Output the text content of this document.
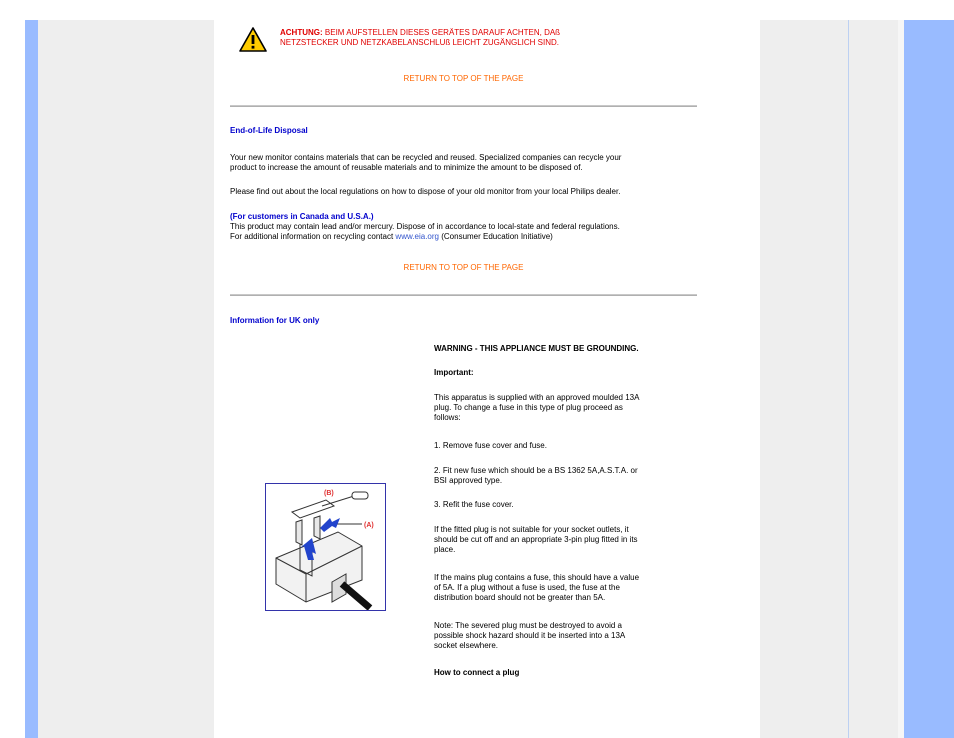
ACHTUNG: BEIM AUFSTELLEN DIESES GERÄTES DARAUF ACHTEN, DAß
NETZSTECKER UND NETZKABELANSCHLUß LEICHT ZUGÄNGLICH SIND.
RETURN TO TOP OF THE PAGE
End-of-Life Disposal
Your new monitor contains materials that can be recycled and reused. Specialized companies can recycle your
product to increase the amount of reusable materials and to minimize the amount to be disposed of.
Please find out about the local regulations on how to dispose of your old monitor from your local Philips dealer.
(For customers in Canada and U.S.A.)
This product may contain lead and/or mercury. Dispose of in accordance to local-state and federal regulations.
For additional information on recycling contact www.eia.org (Consumer Education Initiative)
RETURN TO TOP OF THE PAGE
Information for UK only
WARNING - THIS APPLIANCE MUST BE GROUNDING.
Important:
This apparatus is supplied with an approved moulded 13A
plug. To change a fuse in this type of plug proceed as
follows:
1. Remove fuse cover and fuse.
2. Fit new fuse which should be a BS 1362 5A,A.S.T.A. or
BSI approved type.
3. Refit the fuse cover.
If the fitted plug is not suitable for your socket outlets, it
should be cut off and an appropriate 3-pin plug fitted in its
place.
If the mains plug contains a fuse, this should have a value
of 5A. If a plug without a fuse is used, the fuse at the
distribution board should not be greater than 5A.
Note: The severed plug must be destroyed to avoid a
possible shock hazard should it be inserted into a 13A
socket elsewhere.
How to connect a plug
(B)
(A)
